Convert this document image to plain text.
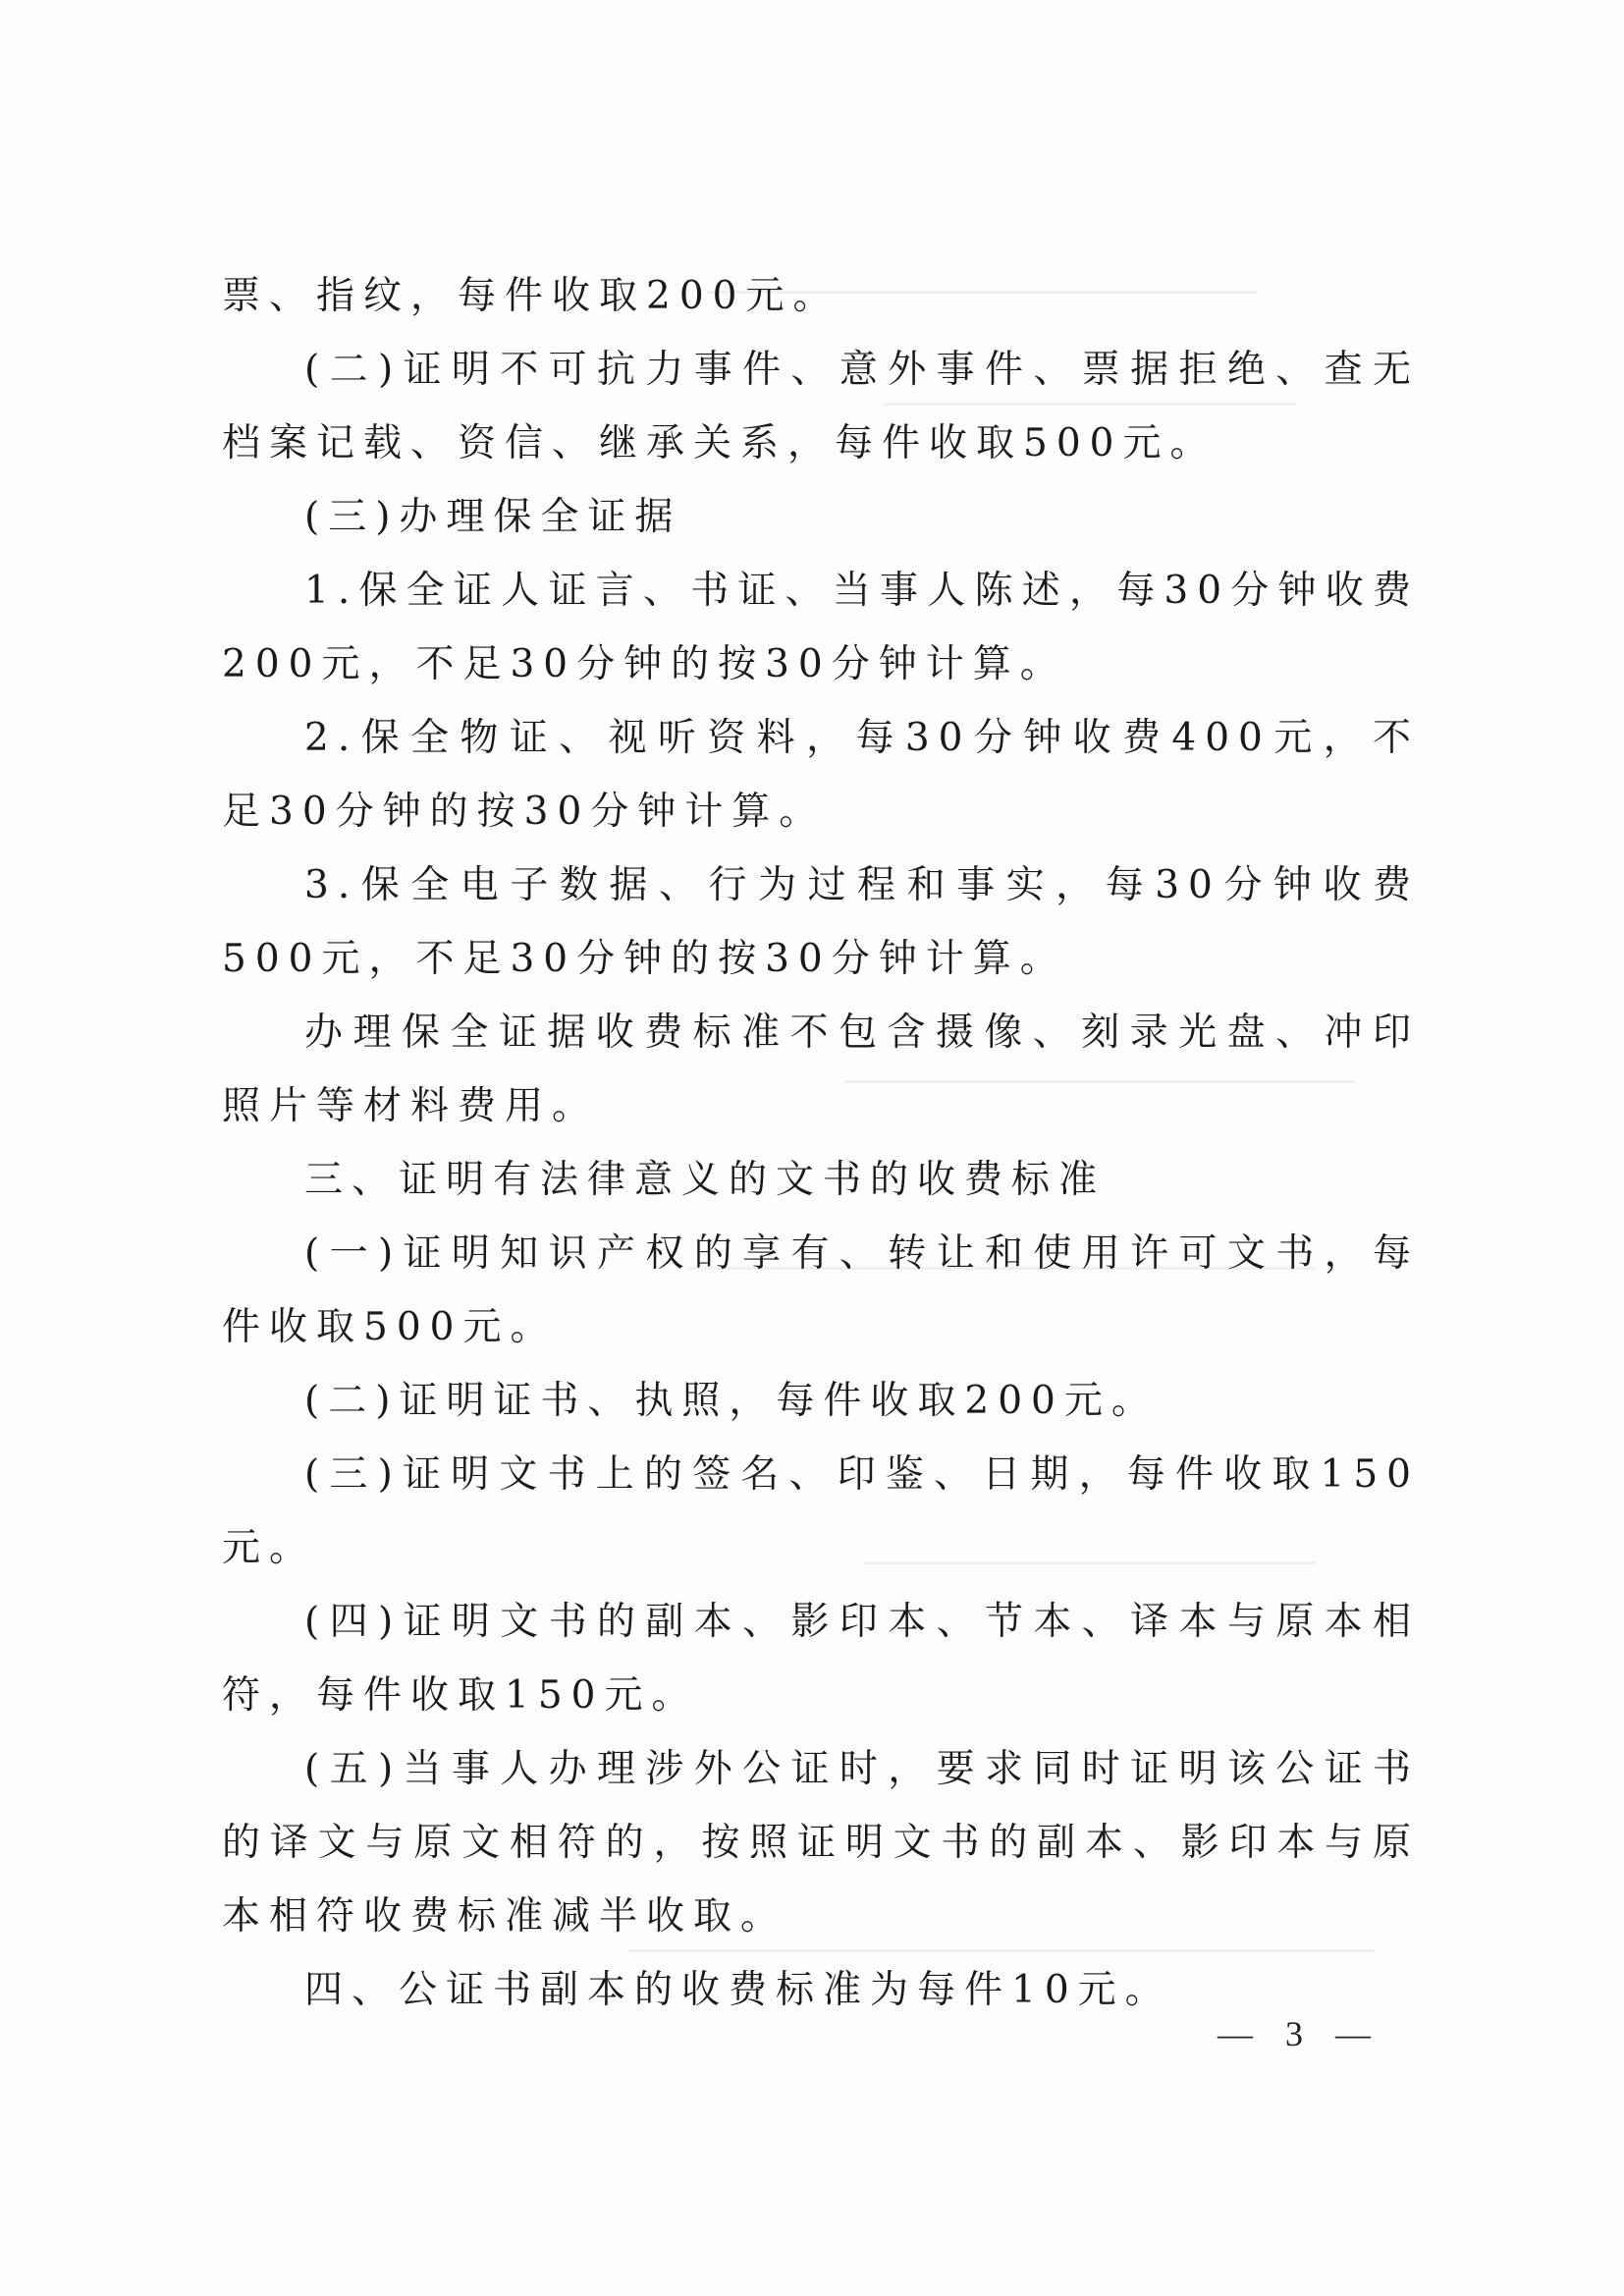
票、指纹，每件收取200元。

(二)证明不可抗力事件、意外事件、票据拒绝、查无档案记载、资信、继承关系，每件收取500元。

(三)办理保全证据

1.保全证人证言、书证、当事人陈述，每30分钟收费200元，不足30分钟的按30分钟计算。

2.保全物证、视听资料，每30分钟收费400元，不足30分钟的按30分钟计算。

3.保全电子数据、行为过程和事实，每30分钟收费500元，不足30分钟的按30分钟计算。

办理保全证据收费标准不包含摄像、刻录光盘、冲印照片等材料费用。

三、证明有法律意义的文书的收费标准

(一)证明知识产权的享有、转让和使用许可文书，每件收取500元。

(二)证明证书、执照，每件收取200元。

(三)证明文书上的签名、印鉴、日期，每件收取150元。

(四)证明文书的副本、影印本、节本、译本与原本相符，每件收取150元。

(五)当事人办理涉外公证时，要求同时证明该公证书的译文与原文相符的，按照证明文书的副本、影印本与原本相符收费标准减半收取。

四、公证书副本的收费标准为每件10元。

— 3 —
